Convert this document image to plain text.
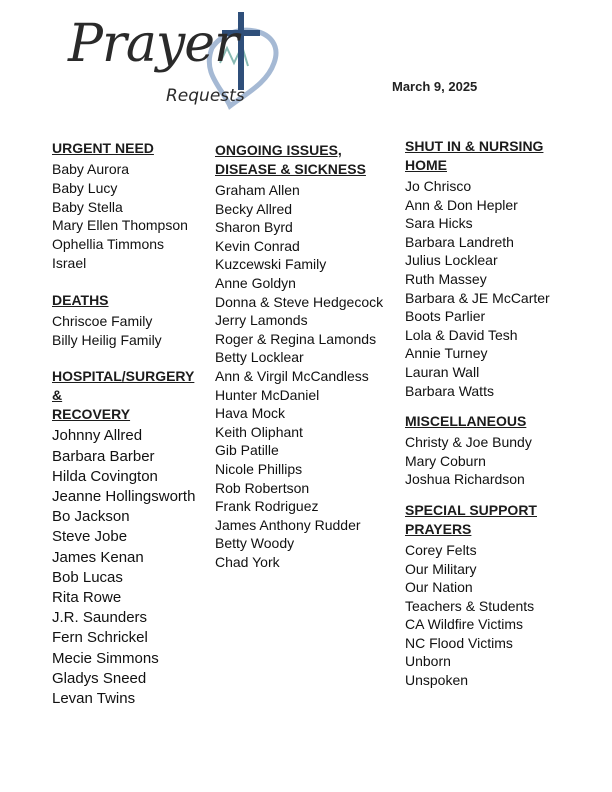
Prayer
Requests	March 9, 2025
URGENT NEED
Baby Aurora
Baby Lucy
Baby Stella
Mary Ellen Thompson
Ophellia Timmons
Israel
DEATHS
Chriscoe Family
Billy Heilig Family
HOSPITAL/SURGERY &
RECOVERY
Johnny Allred
Barbara Barber
Hilda Covington
Jeanne Hollingsworth
Bo Jackson
Steve Jobe
James Kenan
Bob Lucas
Rita Rowe
J.R. Saunders
Fern Schrickel
Mecie Simmons
Gladys Sneed
Levan Twins
ONGOING ISSUES,
DISEASE & SICKNESS
Graham Allen
Becky Allred
Sharon Byrd
Kevin Conrad
Kuzcewski Family
Anne Goldyn
Donna & Steve Hedgecock
Jerry Lamonds
Roger & Regina Lamonds
Betty Locklear
Ann & Virgil McCandless
Hunter McDaniel
Hava Mock
Keith Oliphant
Gib Patille
Nicole Phillips
Rob Robertson
Frank Rodriguez
James Anthony Rudder
Betty Woody
Chad York
SHUT IN & NURSING
HOME
Jo Chrisco
Ann & Don Hepler
Sara Hicks
Barbara Landreth
Julius Locklear
Ruth Massey
Barbara & JE McCarter
Boots Parlier
Lola & David Tesh
Annie Turney
Lauran Wall
Barbara Watts
MISCELLANEOUS
Christy & Joe Bundy
Mary Coburn
Joshua Richardson
SPECIAL SUPPORT
PRAYERS
Corey Felts
Our Military
Our Nation
Teachers & Students
CA Wildfire Victims
NC Flood Victims
Unborn
Unspoken
